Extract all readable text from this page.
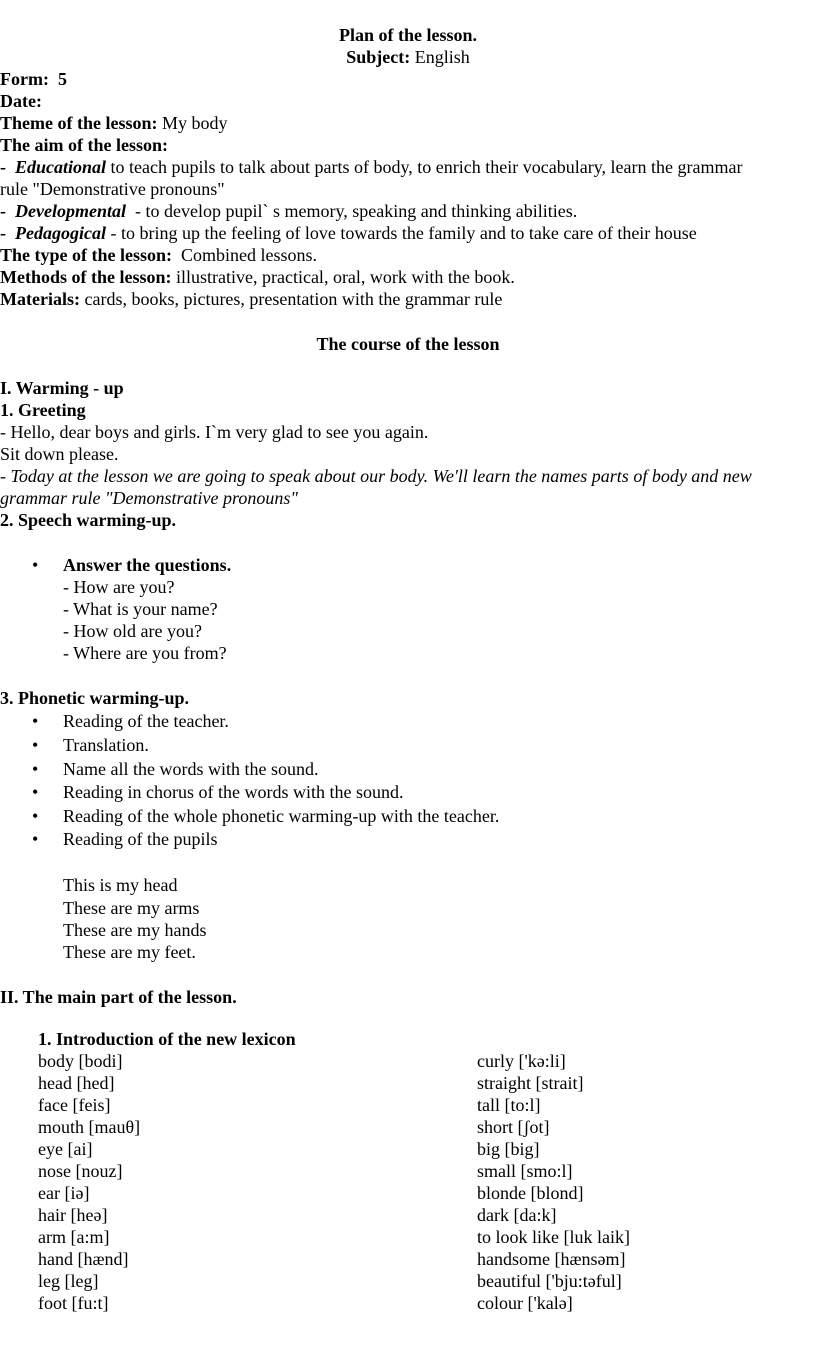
Plan of the lesson.
Subject: English
Form: 5
Date:
Theme of the lesson: My body
The aim of the lesson:
- Educational to teach pupils to talk about parts of body, to enrich their vocabulary, learn the grammar
rule "Demonstrative pronouns"
- Developmental - to develop pupil` s memory, speaking and thinking abilities.
- Pedagogical - to bring up the feeling of love towards the family and to take care of their house
The type of the lesson: Combined lessons.
Methods of the lesson: illustrative, practical, oral, work with the book.
Materials: cards, books, pictures, presentation with the grammar rule
The course of the lesson
I. Warming - up
1. Greeting
- Hello, dear boys and girls. I`m very glad to see you again.
Sit down please.
- Today at the lesson we are going to speak about our body. We'll learn the names parts of body and new
grammar rule "Demonstrative pronouns"
2. Speech warming-up.
• Answer the questions.
- How are you?
- What is your name?
- How old are you?
- Where are you from?
3. Phonetic warming-up.
• Reading of the teacher.
• Translation.
• Name all the words with the sound.
• Reading in chorus of the words with the sound.
• Reading of the whole phonetic warming-up with the teacher.
• Reading of the pupils
This is my head
These are my arms
These are my hands
These are my feet.
II. The main part of the lesson.
1. Introduction of the new lexicon
body [bodi]
head [hed]
face [feis]
mouth [mauθ]
eye [ai]
nose [nouz]
ear [iə]
hair [heə]
arm [a:m]
hand [hænd]
leg [leg]
foot [fu:t]
curly ['kə:li]
straight [strait]
tall [to:l]
short [ʃot]
big [big]
small [smo:l]
blonde [blond]
dark [da:k]
to look like [luk laik]
handsome [hænsəm]
beautiful ['bju:təful]
colour ['kalə]
